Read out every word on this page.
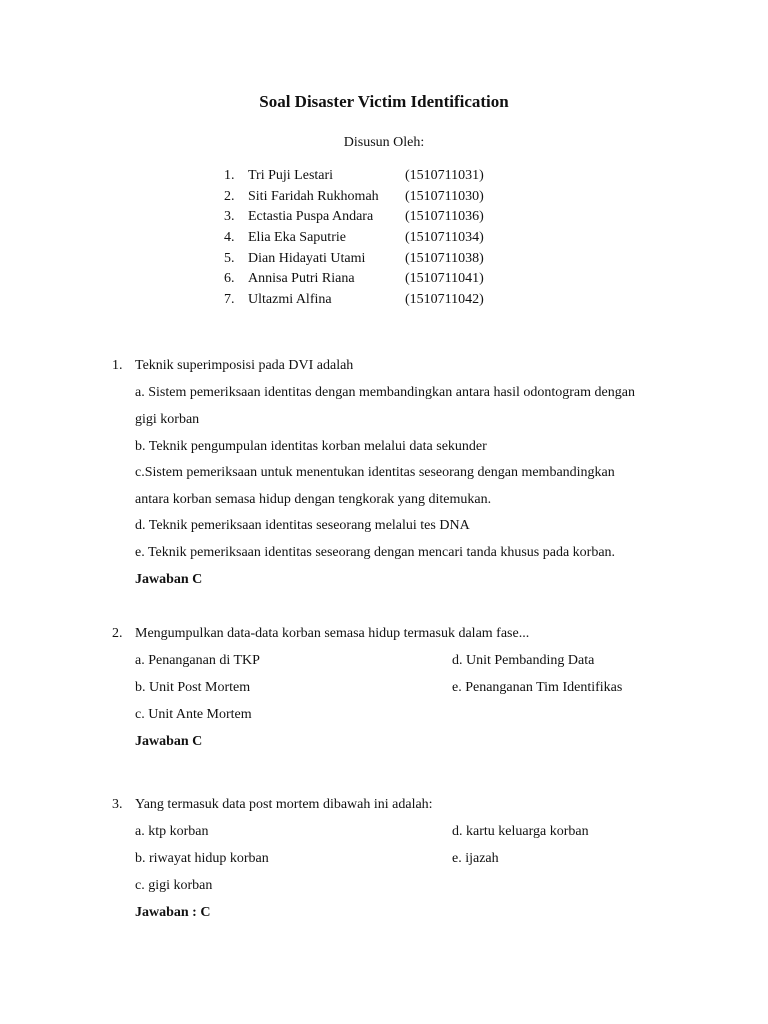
Soal Disaster Victim Identification
Disusun Oleh:
1. Tri Puji Lestari	(1510711031)
2. Siti Faridah Rukhomah (1510711030)
3. Ectastia Puspa Andara (1510711036)
4. Elia Eka Saputrie	(1510711034)
5. Dian Hidayati Utami	(1510711038)
6. Annisa Putri Riana	(1510711041)
7. Ultazmi Alfina	(1510711042)
1. Teknik superimposisi pada DVI adalah
a. Sistem pemeriksaan identitas dengan membandingkan antara hasil odontogram dengan
gigi korban
b. Teknik pengumpulan identitas korban melalui data sekunder
c.Sistem pemeriksaan untuk menentukan identitas seseorang dengan membandingkan
antara korban semasa hidup dengan tengkorak yang ditemukan.
d. Teknik pemeriksaan identitas seseorang melalui tes DNA
e. Teknik pemeriksaan identitas seseorang dengan mencari tanda khusus pada korban.
Jawaban C
2. Mengumpulkan data-data korban semasa hidup termasuk dalam fase...
a. Penanganan di TKP	d. Unit Pembanding Data
b. Unit Post Mortem	e. Penanganan Tim Identifikas
c. Unit Ante Mortem
Jawaban C
3. Yang termasuk data post mortem dibawah ini adalah:
a. ktp korban	d. kartu keluarga korban
b. riwayat hidup korban	e. ijazah
c. gigi korban
Jawaban : C
